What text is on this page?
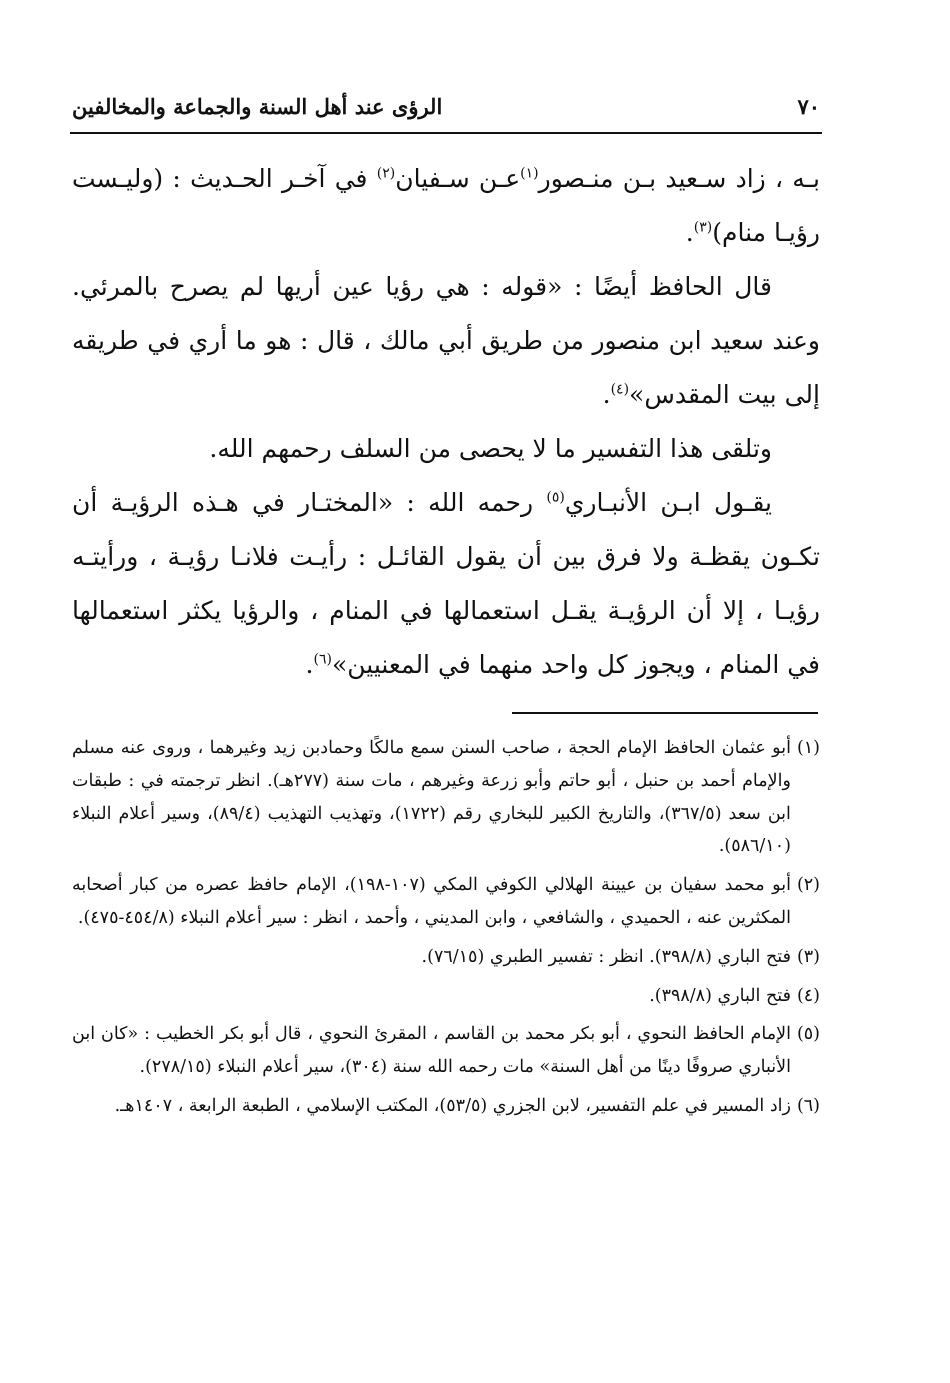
٧٠
الرؤى عند أهل السنة والجماعة والمخالفين

بـه ، زاد سـعيد بـن منـصور$^{(١)}$عـن سـفيان$^{(٢)}$ في آخـر الحـديث : (وليـست رؤيـا منام)$^{(٣)}$.

قال الحافظ أيضًا : «قوله : هي رؤيا عين أريها لم يصرح بالمرئي. وعند سعيد ابن منصور من طريق أبي مالك ، قال : هو ما أري في طريقه إلى بيت المقدس»$^{(٤)}$.

وتلقى هذا التفسير ما لا يحصى من السلف رحمهم الله.

يقـول ابـن الأنبـاري$^{(٥)}$ رحمه الله : «المختـار في هـذه الرؤيـة أن تكـون يقظـة ولا فرق بين أن يقول القائـل : رأيـت فلانـا رؤيـة ، ورأيتـه رؤيـا ، إلا أن الرؤيـة يقـل استعمالها في المنام ، والرؤيا يكثر استعمالها في المنام ، ويجوز كل واحد منهما في المعنيين»$^{(٦)}$.

(١)
أبو عثمان الحافظ الإمام الحجة ، صاحب السنن سمع مالكًا وحمادبن زيد وغيرهما ، وروى عنه مسلم والإمام أحمد بن حنبل ، أبو حاتم وأبو زرعة وغيرهم ، مات سنة (٢٧٧هـ). انظر ترجمته في : طبقات ابن سعد (٣٦٧/٥)، والتاريخ الكبير للبخاري رقم (١٧٢٢)، وتهذيب التهذيب (٨٩/٤)، وسير أعلام النبلاء (٥٨٦/١٠).
(٢)
أبو محمد سفيان بن عيينة الهلالي الكوفي المكي (١٠٧-١٩٨)، الإمام حافظ عصره من كبار أصحابه المكثرين عنه ، الحميدي ، والشافعي ، وابن المديني ، وأحمد ، انظر : سير أعلام النبلاء (٤٥٤/٨-٤٧٥).
(٣)
فتح الباري (٣٩٨/٨). انظر : تفسير الطبري (٧٦/١٥).
(٤)
فتح الباري (٣٩٨/٨).
(٥)
الإمام الحافظ النحوي ، أبو بكر محمد بن القاسم ، المقرئ النحوي ، قال أبو بكر الخطيب : «كان ابن الأنباري صروفًا دينًا من أهل السنة» مات رحمه الله سنة (٣٠٤)، سير أعلام النبلاء (٢٧٨/١٥).
(٦)
زاد المسير في علم التفسير، لابن الجزري (٥٣/٥)، المكتب الإسلامي ، الطبعة الرابعة ، ١٤٠٧هـ.
